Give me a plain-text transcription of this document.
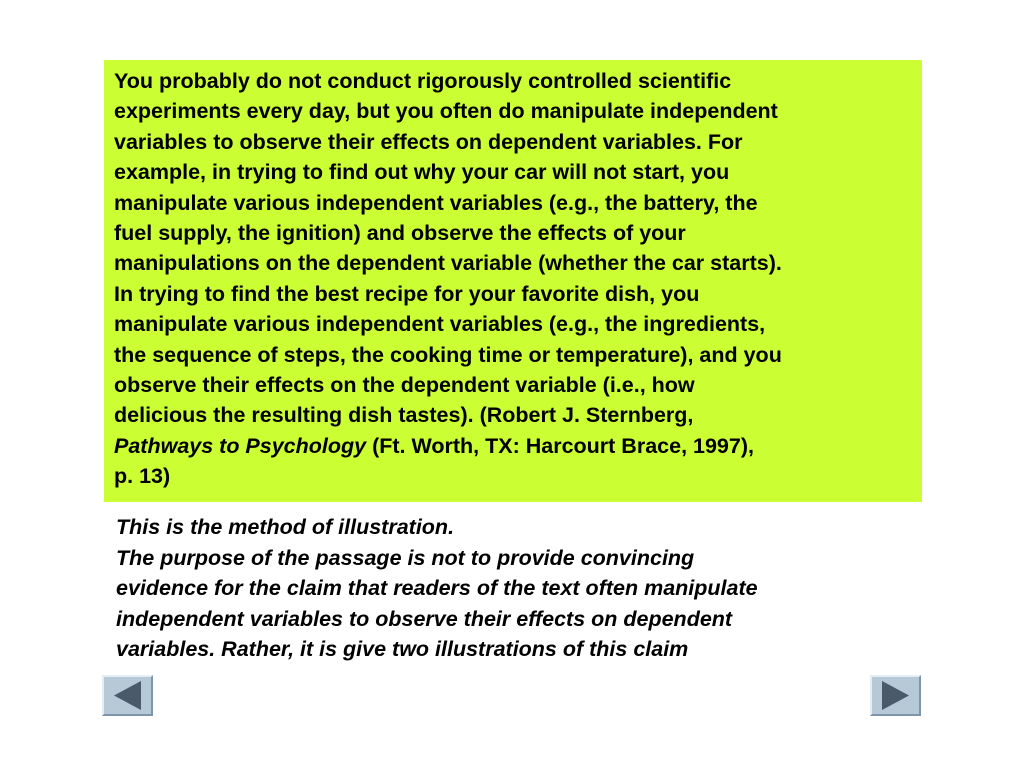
You probably do not conduct rigorously controlled scientific
experiments every day, but you often do manipulate independent
variables to observe their effects on dependent variables. For
example, in trying to find out why your car will not start, you
manipulate various independent variables (e.g., the battery, the
fuel supply, the ignition) and observe the effects of your
manipulations on the dependent variable (whether the car starts).
In trying to find the best recipe for your favorite dish, you
manipulate various independent variables (e.g., the ingredients,
the sequence of steps, the cooking time or temperature), and you
observe their effects on the dependent variable (i.e., how
delicious the resulting dish tastes). (Robert J. Sternberg,
Pathways to Psychology (Ft. Worth, TX: Harcourt Brace, 1997),
p. 13)
This is the method of illustration.
The purpose of the passage is not to provide convincing
evidence for the claim that readers of the text often manipulate
independent variables to observe their effects on dependent
variables. Rather, it is give two illustrations of this claim
